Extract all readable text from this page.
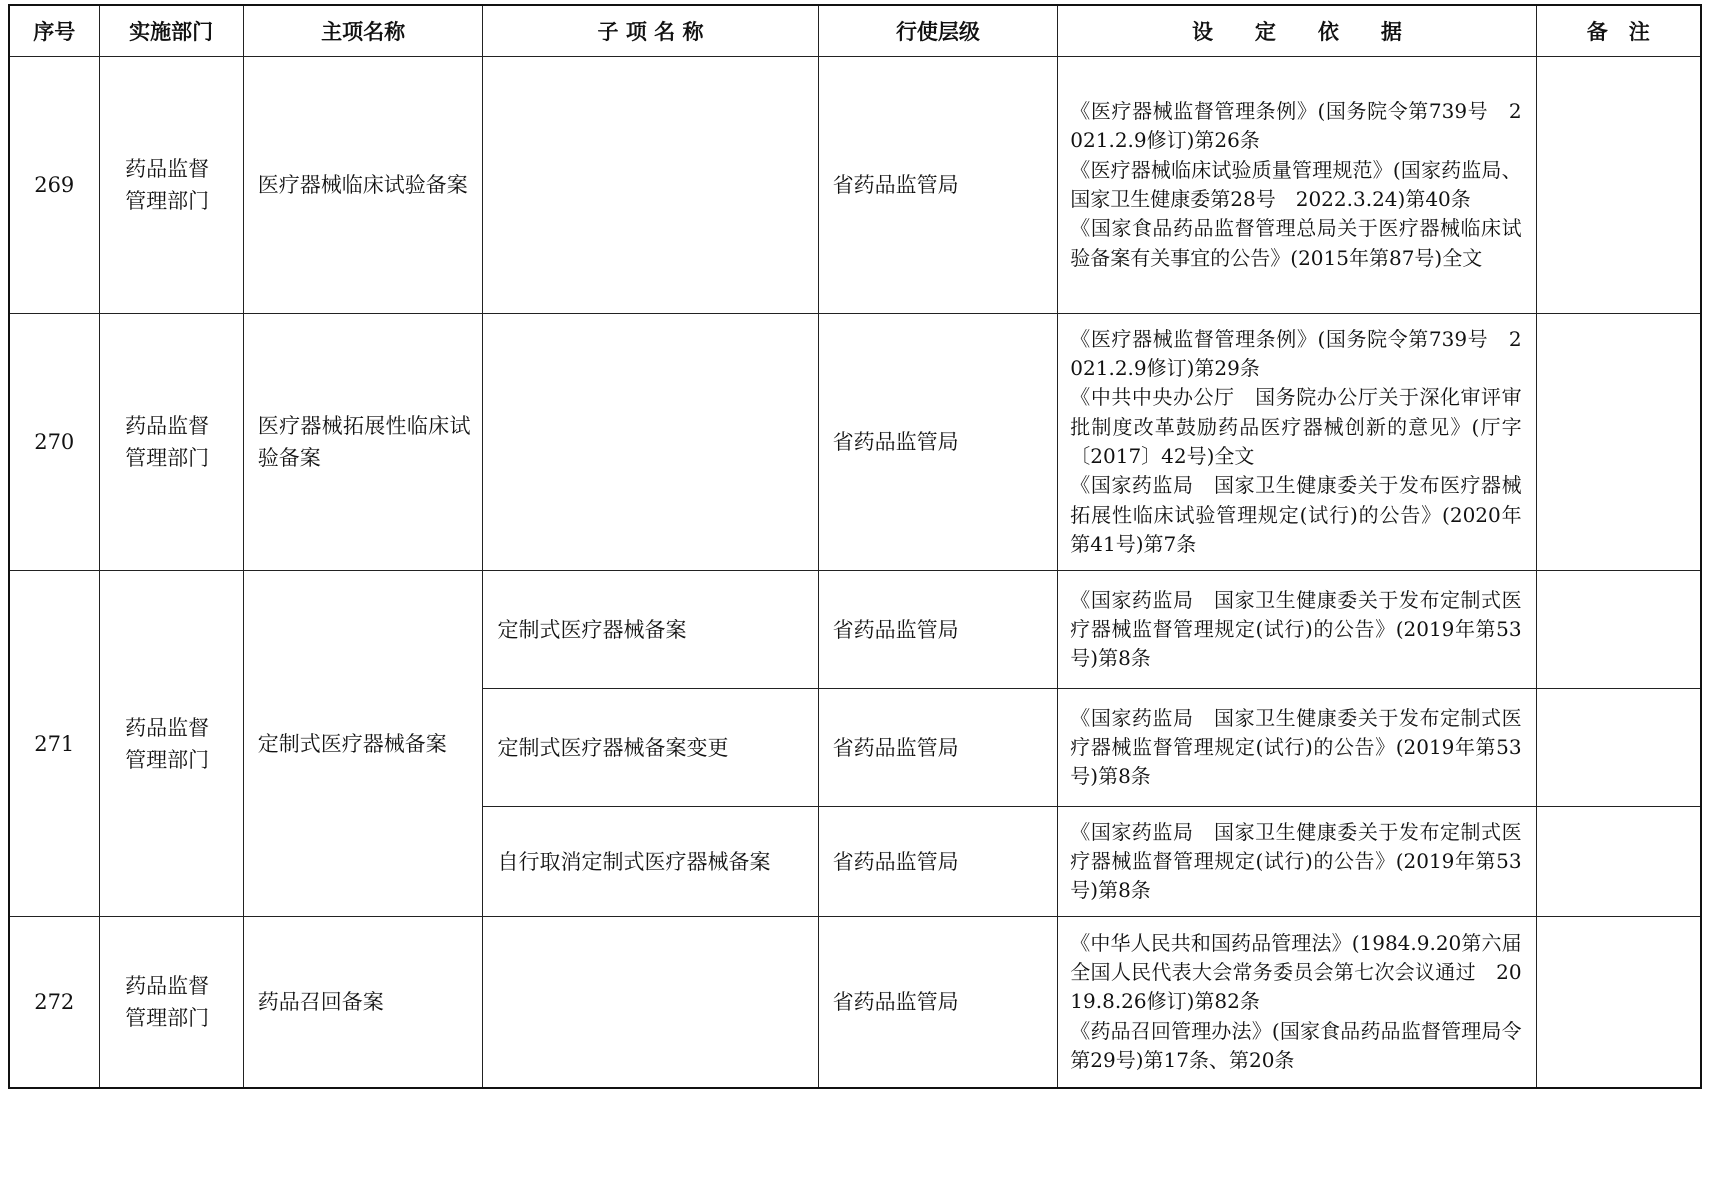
序号	实施部门	主项名称	子 项 名 称	行使层级	设　　定　　依　　据	备　注
269	药品监督管理部门	医疗器械临床试验备案		省药品监管局	《医疗器械监督管理条例》(国务院令第739号　2021.2.9修订)第26条
《医疗器械临床试验质量管理规范》(国家药监局、国家卫生健康委第28号　2022.3.24)第40条
《国家食品药品监督管理总局关于医疗器械临床试验备案有关事宜的公告》(2015年第87号)全文	

270	药品监督管理部门	医疗器械拓展性临床试验备案		省药品监管局	《医疗器械监督管理条例》(国务院令第739号　2021.2.9修订)第29条
《中共中央办公厅　国务院办公厅关于深化审评审批制度改革鼓励药品医疗器械创新的意见》(厅字〔2017〕42号)全文
《国家药监局　国家卫生健康委关于发布医疗器械拓展性临床试验管理规定(试行)的公告》(2020年第41号)第7条	

271	药品监督管理部门	定制式医疗器械备案	定制式医疗器械备案	省药品监管局	《国家药监局　国家卫生健康委关于发布定制式医疗器械监督管理规定(试行)的公告》(2019年第53号)第8条	

			定制式医疗器械备案变更	省药品监管局	《国家药监局　国家卫生健康委关于发布定制式医疗器械监督管理规定(试行)的公告》(2019年第53号)第8条	

			自行取消定制式医疗器械备案	省药品监管局	《国家药监局　国家卫生健康委关于发布定制式医疗器械监督管理规定(试行)的公告》(2019年第53号)第8条	

272	药品监督管理部门	药品召回备案		省药品监管局	《中华人民共和国药品管理法》(1984.9.20第六届全国人民代表大会常务委员会第七次会议通过　2019.8.26修订)第82条
《药品召回管理办法》(国家食品药品监督管理局令第29号)第17条、第20条	
